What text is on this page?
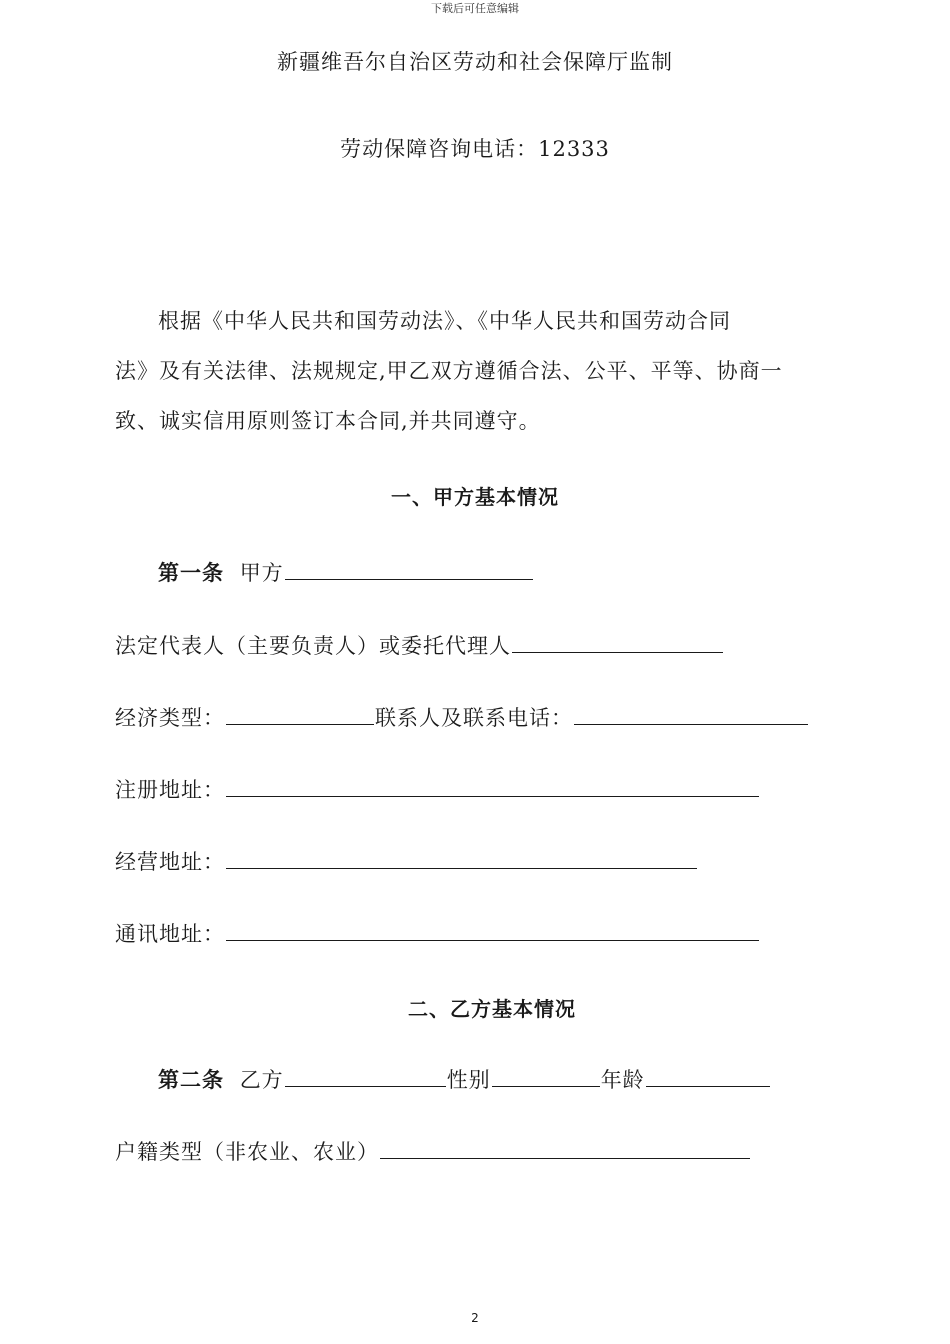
下载后可任意编辑
新疆维吾尔自治区劳动和社会保障厅监制
劳动保障咨询电话：12333
根据《中华人民共和国劳动法》、《中华人民共和国劳动合同
法》及有关法律、法规规定,甲乙双方遵循合法、公平、平等、协商一
致、诚实信用原则签订本合同,并共同遵守。
一、甲方基本情况
第一条 甲方
法定代表人（主要负责人）或委托代理人
经济类型：	联系人及联系电话：
注册地址：
经营地址：
通讯地址：
二、乙方基本情况
第二条 乙方	性别	年龄
户籍类型（非农业、农业）
2
